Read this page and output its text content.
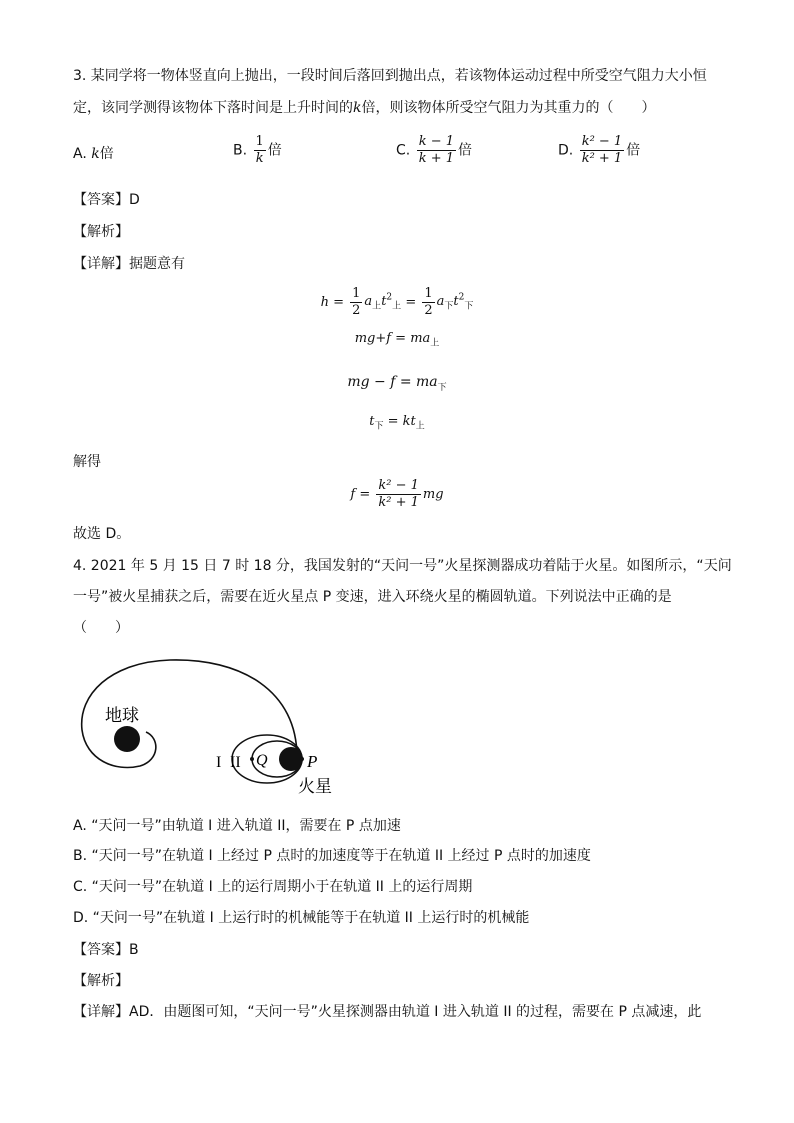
3. 某同学将一物体竖直向上抛出，一段时间后落回到抛出点，若该物体运动过程中所受空气阻力大小恒
定，该同学测得该物体下落时间是上升时间的k倍，则该物体所受空气阻力为其重力的（　　）
A. k倍	B. $\frac{1}{k}$ 倍	C. $\frac{k - 1}{k + 1}$ 倍	D. $\frac{\text{k² − 1}}{\text{k² + 1}}$ 倍
【答案】D
【解析】
【详解】据题意有
$h = \frac{1}{2} a_上t^2_上 = \frac{1}{2} a_下t^2_下$
$mg+f = ma_上$
mg − $f = ma_下$
$t_下 = kt_上$
解得
$f = \frac{\text{k² − 1}}{\text{k² + 1}}$ mg
故选 D。
4. 2021 年 5 月 15 日 7 时 18 分，我国发射的“天问一号”火星探测器成功着陆于火星。如图所示，“天问
一号”被火星捕获之后，需要在近火星点 P 变速，进入环绕火星的椭圆轨道。下列说法中正确的是
（　　）
地球
I II Q P
火星
A. “天问一号”由轨道 I 进入轨道 II，需要在 P 点加速
B. “天问一号”在轨道 I 上经过 P 点时的加速度等于在轨道 II 上经过 P 点时的加速度
C. “天问一号”在轨道 I 上的运行周期小于在轨道 II 上的运行周期
D. “天问一号”在轨道 I 上运行时的机械能等于在轨道 II 上运行时的机械能
【答案】B
【解析】
【详解】AD．由题图可知，“天问一号”火星探测器由轨道 I 进入轨道 II 的过程，需要在 P 点减速，此
